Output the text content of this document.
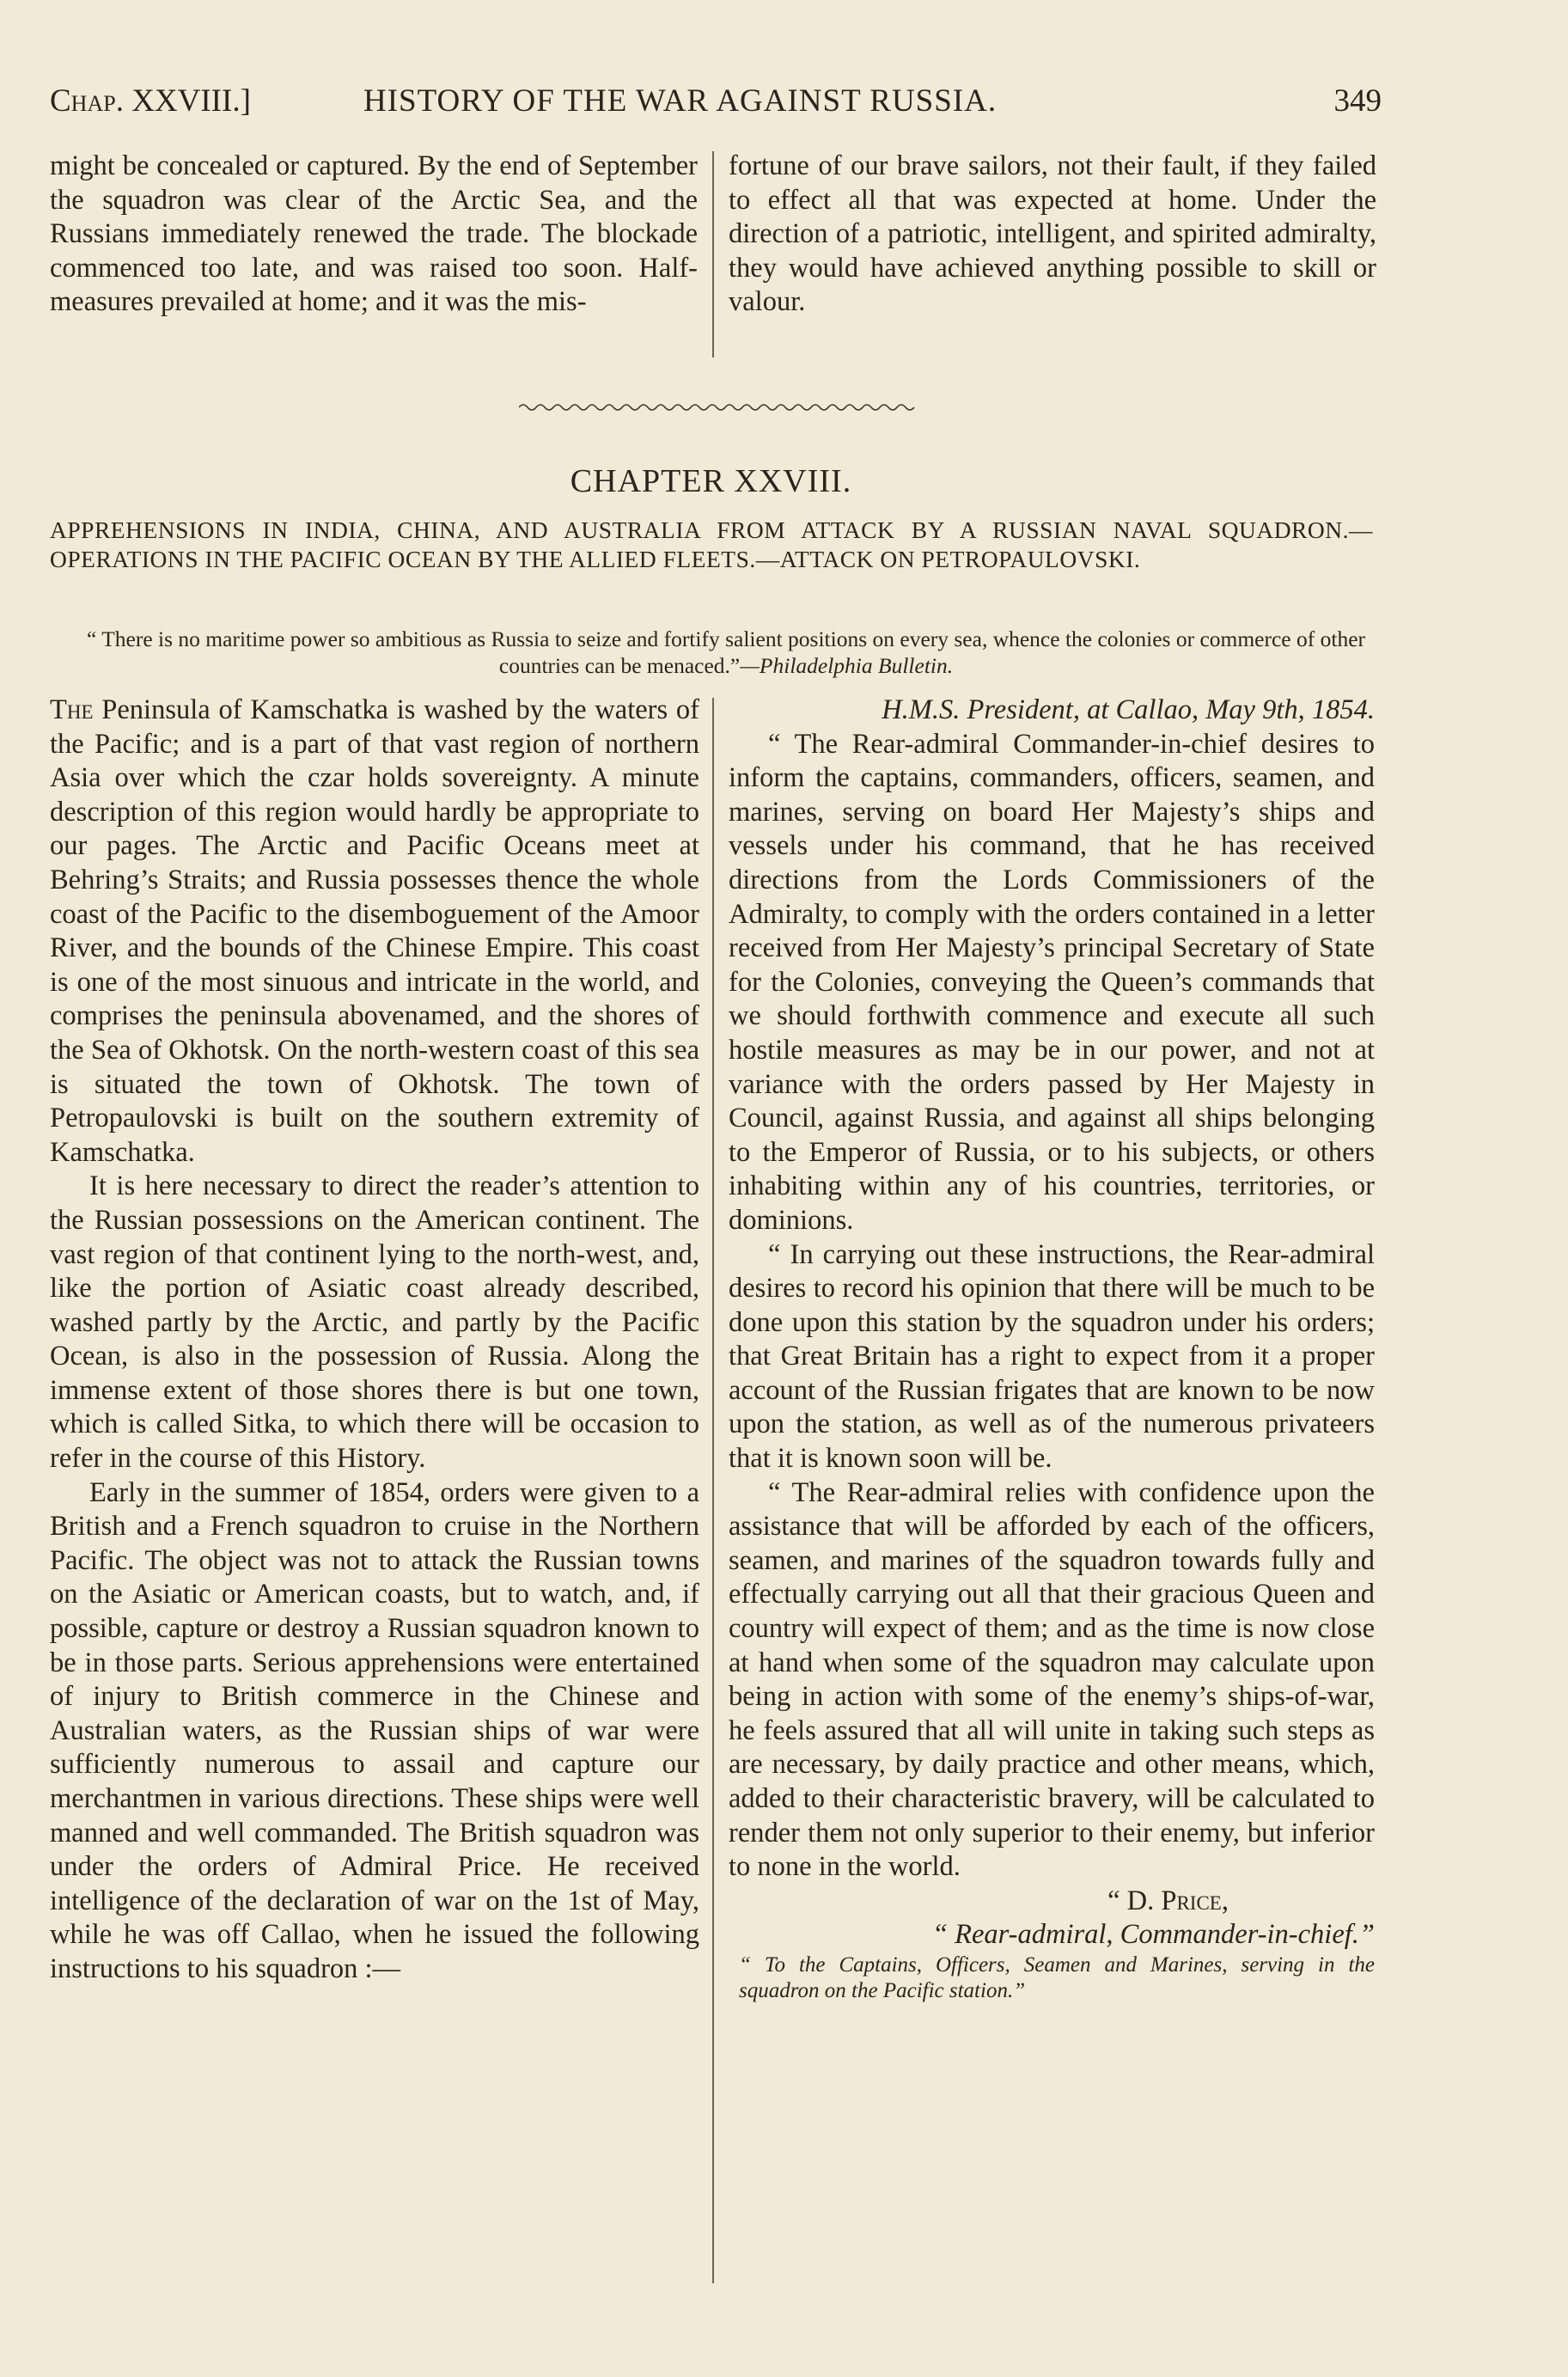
Chap. XXVIII.]	HISTORY OF THE WAR AGAINST RUSSIA.	349

might be concealed or captured. By the end of September the squadron was clear of the Arctic Sea, and the Russians immediately renewed the trade. The blockade commenced too late, and was raised too soon. Half-measures prevailed at home; and it was the mis-

fortune of our brave sailors, not their fault, if they failed to effect all that was expected at home. Under the direction of a patriotic, intelligent, and spirited admiralty, they would have achieved anything possible to skill or valour.

CHAPTER XXVIII.
APPREHENSIONS IN INDIA, CHINA, AND AUSTRALIA FROM ATTACK BY A RUSSIAN NAVAL SQUADRON.—OPERATIONS IN THE PACIFIC OCEAN BY THE ALLIED FLEETS.—ATTACK ON PETROPAULOVSKI.
“ There is no maritime power so ambitious as Russia to seize and fortify salient positions on every sea, whence the colonies or commerce of other countries can be menaced.”—Philadelphia Bulletin.

The Peninsula of Kamschatka is washed by the waters of the Pacific; and is a part of that vast region of northern Asia over which the czar holds sovereignty. A minute description of this region would hardly be appropriate to our pages. The Arctic and Pacific Oceans meet at Behring’s Straits; and Russia possesses thence the whole coast of the Pacific to the disemboguement of the Amoor River, and the bounds of the Chinese Empire. This coast is one of the most sinuous and intricate in the world, and comprises the peninsula abovenamed, and the shores of the Sea of Okhotsk. On the north-western coast of this sea is situated the town of Okhotsk. The town of Petropaulovski is built on the southern extremity of Kamschatka.

It is here necessary to direct the reader’s attention to the Russian possessions on the American continent. The vast region of that continent lying to the north-west, and, like the portion of Asiatic coast already described, washed partly by the Arctic, and partly by the Pacific Ocean, is also in the possession of Russia. Along the immense extent of those shores there is but one town, which is called Sitka, to which there will be occasion to refer in the course of this History.

Early in the summer of 1854, orders were given to a British and a French squadron to cruise in the Northern Pacific. The object was not to attack the Russian towns on the Asiatic or American coasts, but to watch, and, if possible, capture or destroy a Russian squadron known to be in those parts. Serious apprehensions were entertained of injury to British commerce in the Chinese and Australian waters, as the Russian ships of war were sufficiently numerous to assail and capture our merchantmen in various directions. These ships were well manned and well commanded. The British squadron was under the orders of Admiral Price. He received intelligence of the declaration of war on the 1st of May, while he was off Callao, when he issued the following instructions to his squadron :—

H.M.S. President, at Callao, May 9th, 1854.

“ The Rear-admiral Commander-in-chief desires to inform the captains, commanders, officers, seamen, and marines, serving on board Her Majesty’s ships and vessels under his command, that he has received directions from the Lords Commissioners of the Admiralty, to comply with the orders contained in a letter received from Her Majesty’s principal Secretary of State for the Colonies, conveying the Queen’s commands that we should forthwith commence and execute all such hostile measures as may be in our power, and not at variance with the orders passed by Her Majesty in Council, against Russia, and against all ships belonging to the Emperor of Russia, or to his subjects, or others inhabiting within any of his countries, territories, or dominions.

“ In carrying out these instructions, the Rear-admiral desires to record his opinion that there will be much to be done upon this station by the squadron under his orders; that Great Britain has a right to expect from it a proper account of the Russian frigates that are known to be now upon the station, as well as of the numerous privateers that it is known soon will be.

“ The Rear-admiral relies with confidence upon the assistance that will be afforded by each of the officers, seamen, and marines of the squadron towards fully and effectually carrying out all that their gracious Queen and country will expect of them; and as the time is now close at hand when some of the squadron may calculate upon being in action with some of the enemy’s ships-of-war, he feels assured that all will unite in taking such steps as are necessary, by daily practice and other means, which, added to their characteristic bravery, will be calculated to render them not only superior to their enemy, but inferior to none in the world.

“ D. Price,

“ Rear-admiral, Commander-in-chief.”

“ To the Captains, Officers, Seamen and Marines, serving in the squadron on the Pacific station.”
